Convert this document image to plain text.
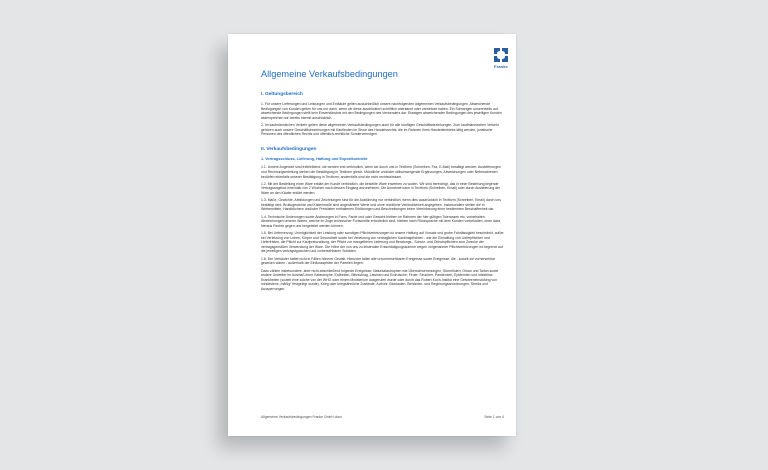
Franke
Allgemeine Verkaufsbedingungen
I. Geltungsbereich

1. Für unsere Lieferungen und Leistungen und Entkäufe gelten ausschließlich unsere nachfolgenden allgemeinen Verkaufsbedingungen. Abweichende Bedingungen von Kunden gelten für uns nur dann, wenn wir diese ausdrücklich schriftlich anerkannt oder vereinbart haben. Ein Schweigen unsererseits auf abweichende Bedingungen stellt kein Einverständnis mit den Bedingungen des Verwenders dar. Etwaigen abweichenden Bedingungen des jeweiligen Kunden widersprechen wir bereits hiermit ausdrücklich.

2. Im kaufmännischen Verkehr gelten diese allgemeinen Verkaufsbedingungen auch für alle künftigen Geschäftsbeziehungen. Zum kaufmännischen Verkehr gehören auch unsere Geschäftsbeziehungen mit Kaufleuten im Sinne des Handelsrechts, die im Rahmen ihres Handelsbetriebs tätig werden, juristische Personen des öffentlichen Rechts und öffentlich-rechtliche Sondervermögen.

II. Verkaufsbedingungen
1. Vertragsschluss, Lieferung, Haftung und Exportkontrolle

1.1. Unsere Angebote sind freibleibend, sie werden erst verbindlich, wenn sie durch uns in Textform (Schreiben, Fax, E-Mail) bestätigt werden. Auslieferungen und Rechnungserteilung stehen der Bestätigung in Textform gleich. Mündliche und/oder stillschweigende Ergänzungen, Abweichungen oder Nebenabreden bedürfen ebenfalls unserer Bestätigung in Textform, andernfalls sind sie nicht rechtswirksam.

1.2. Mit der Bestellung einer Ware erklärt der Kunde verbindlich, die bestellte Ware erwerben zu wollen. Wir sind berechtigt, das in einer Bestellung liegende Vertragsangebot innerhalb von 2 Wochen nach dessen Eingang anzunehmen. Die Annahme kann in Textform (Schreiben, Email) oder durch Auslieferung der Ware an den Käufer erklärt werden.

1.3. Maße, Gewichte, Abbildungen und Zeichnungen sind für die Ausführung nur verbindlich, wenn dies ausdrücklich in Textform (Schreiben, Email) durch uns bestätigt wird. Bruttogewichte und Kistenmaße sind angenäherte Werte und ohne rechtliche Verbindlichkeit angegeben. Insbesondere stellen die in Werbemitteln, Handbüchern und/oder Preislisten enthaltenen Erklärungen und Beschreibungen keine Vereinbarung einer bestimmten Beschaffenheit dar.

1.4. Technische Änderungen sowie Änderungen in Form, Farbe und oder Gewicht bleiben im Rahmen der hier gültigen Toleranzen etc. vorbehalten. Abweichungen unserer Waren, welche im Zuge technischer Fortschritte erforderlich sind, bleiben nach Rücksprache mit dem Kunden vorbehalten, ohne dass hieraus Rechte gegen uns hergeleitet werden können.

1.5. Bei Lieferverzug, Unmöglichkeit der Leistung oder sonstigen Pflichtverletzungen ist unsere Haftung auf Vorsatz und grobe Fahrlässigkeit beschränkt, außer bei Verletzung von Leben, Körper und Gesundheit sowie bei Verletzung von vertraglichen Kardinalpflichten - wie die Einhaltung von Lieferpflichten und Lieferfristen, die Pflicht zur Kaufpreiszahlung, der Pflicht zur mangelfreien Lieferung und Beratungs-, Schutz- und Obhutspflichten zum Zwecke der vertragsgemäßen Verwendung der Ware. Die Höhe der von uns zu leistenden Entschädigungssumme wegen vorgenannter Pflichtverletzungen ist begrenzt auf die jeweiligen vertragstypischen und vorhersehbaren Schäden.

1.6. Der Verkäufer haftet nicht in Fällen höherer Gewalt. Hierunter fallen alle unvorhersehbaren Ereignisse sowie Ereignisse, die - soweit sie vorhersehbar gewesen wären - außerhalb der Einflusssphäre der Parteien liegen.

Dazu zählen insbesondere, aber nicht abschließend folgende Ereignisse: Naturkatastrophen wie Überschwemmungen, Sturmfluten, Orkan und Taifun sowie andere Unwetter im Ausmaß einer Katastrophe, Erdbeben, Blitzschlag, Lawinen und Erdrutsche; Feuer, Seuchen, Pandemien, Epidemien und infektiöse Krankheiten (soweit eine solche von der WHO oder einem Ministerium ausgerufen wurde oder durch das Robert-Koch-Institut eine Gefahreneinstufung von mindestens „mäßig“ festgelegt wurde), Krieg oder kriegsähnliche Zustände, Aufruhr, Blockaden, Behörden- und Regierungsanordnungen, Streiks und Aussperrungen.

Allgemeine Verkaufsbedingungen Franke GmbH.docx	Seite 1 von 4
